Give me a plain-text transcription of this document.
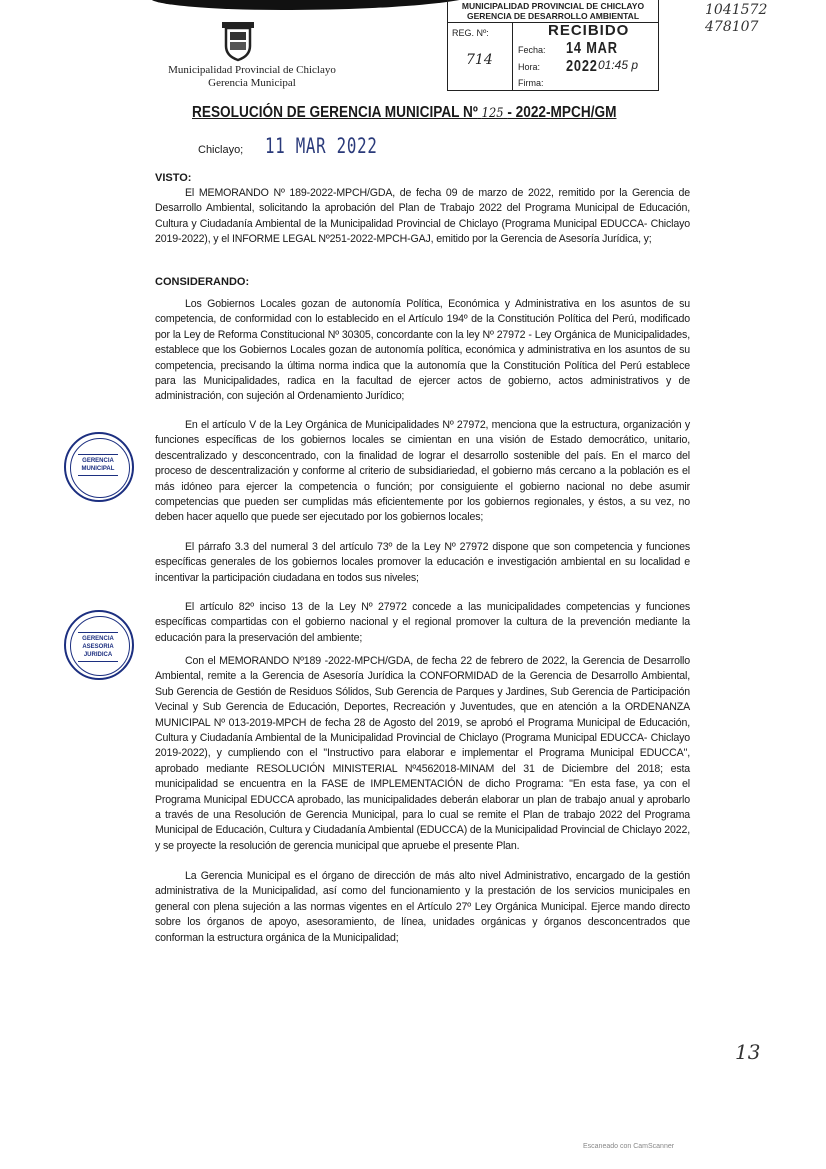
Municipalidad Provincial de Chiclayo
Gerencia Municipal
MUNICIPALIDAD PROVINCIAL DE CHICLAYO
GERENCIA DE DESARROLLO AMBIENTAL
REG. Nº:
714
RECIBIDO
Fecha: 14 MAR 2022
Hora:	01:45 p
Firma:
1041572
478107
RESOLUCIÓN DE GERENCIA MUNICIPAL Nº 125 - 2022-MPCH/GM
Chiclayo; 11 MAR 2022
VISTO:
El MEMORANDO Nº 189-2022-MPCH/GDA, de fecha 09 de marzo de 2022, remitido por la Gerencia de Desarrollo Ambiental, solicitando la aprobación del Plan de Trabajo 2022 del Programa Municipal de Educación, Cultura y Ciudadanía Ambiental de la Municipalidad Provincial de Chiclayo (Programa Municipal EDUCCA- Chiclayo 2019-2022), y el INFORME LEGAL Nº251-2022-MPCH-GAJ, emitido por la Gerencia de Asesoría Jurídica, y;
CONSIDERANDO:
Los Gobiernos Locales gozan de autonomía Política, Económica y Administrativa en los asuntos de su competencia, de conformidad con lo establecido en el Artículo 194º de la Constitución Política del Perú, modificado por la Ley de Reforma Constitucional Nº 30305, concordante con la ley Nº 27972 - Ley Orgánica de Municipalidades, establece que los Gobiernos Locales gozan de autonomía política, económica y administrativa en los asuntos de su competencia, precisando la última norma indica que la autonomía que la Constitución Política del Perú establece para las Municipalidades, radica en la facultad de ejercer actos de gobierno, actos administrativos y de administración, con sujeción al Ordenamiento Jurídico;
En el artículo V de la Ley Orgánica de Municipalidades Nº 27972, menciona que la estructura, organización y funciones específicas de los gobiernos locales se cimientan en una visión de Estado democrático, unitario, descentralizado y desconcentrado, con la finalidad de lograr el desarrollo sostenible del país. En el marco del proceso de descentralización y conforme al criterio de subsidiariedad, el gobierno más cercano a la población es el más idóneo para ejercer la competencia o función; por consiguiente el gobierno nacional no debe asumir competencias que pueden ser cumplidas más eficientemente por los gobiernos regionales, y éstos, a su vez, no deben hacer aquello que puede ser ejecutado por los gobiernos locales;
El párrafo 3.3 del numeral 3 del artículo 73º de la Ley Nº 27972 dispone que son competencia y funciones específicas generales de los gobiernos locales promover la educación e investigación ambiental en su localidad e incentivar la participación ciudadana en todos sus niveles;
El artículo 82º inciso 13 de la Ley Nº 27972 concede a las municipalidades competencias y funciones específicas compartidas con el gobierno nacional y el regional promover la cultura de la prevención mediante la educación para la preservación del ambiente;
Con el MEMORANDO Nº189 -2022-MPCH/GDA, de fecha 22 de febrero de 2022, la Gerencia de Desarrollo Ambiental, remite a la Gerencia de Asesoría Jurídica la CONFORMIDAD de la Gerencia de Desarrollo Ambiental, Sub Gerencia de Gestión de Residuos Sólidos, Sub Gerencia de Parques y Jardines, Sub Gerencia de Participación Vecinal y Sub Gerencia de Educación, Deportes, Recreación y Juventudes, que en atención a la ORDENANZA MUNICIPAL Nº 013-2019-MPCH de fecha 28 de Agosto del 2019, se aprobó el Programa Municipal de Educación, Cultura y Ciudadanía Ambiental de la Municipalidad Provincial de Chiclayo (Programa Municipal EDUCCA- Chiclayo 2019-2022), y cumpliendo con el "Instructivo para elaborar e implementar el Programa Municipal EDUCCA", aprobado mediante RESOLUCIÓN MINISTERIAL Nº4562018-MINAM del 31 de Diciembre del 2018; esta municipalidad se encuentra en la FASE de IMPLEMENTACIÓN de dicho Programa: "En esta fase, ya con el Programa Municipal EDUCCA aprobado, las municipalidades deberán elaborar un plan de trabajo anual y aprobarlo a través de una Resolución de Gerencia Municipal, para lo cual se remite el Plan de trabajo 2022 del Programa Municipal de Educación, Cultura y Ciudadanía Ambiental (EDUCCA) de la Municipalidad Provincial de Chiclayo 2022, y se proyecte la resolución de gerencia municipal que apruebe el presente Plan.
La Gerencia Municipal es el órgano de dirección de más alto nivel Administrativo, encargado de la gestión administrativa de la Municipalidad, así como del funcionamiento y la prestación de los servicios municipales en general con plena sujeción a las normas vigentes en el Artículo 27º Ley Orgánica Municipal. Ejerce mando directo sobre los órganos de apoyo, asesoramiento, de línea, unidades orgánicas y órganos desconcentrados que conforman la estructura orgánica de la Municipalidad;
GERENCIA MUNICIPAL
GERENCIA ASESORIA JURIDICA
13
Escaneado con CamScanner
